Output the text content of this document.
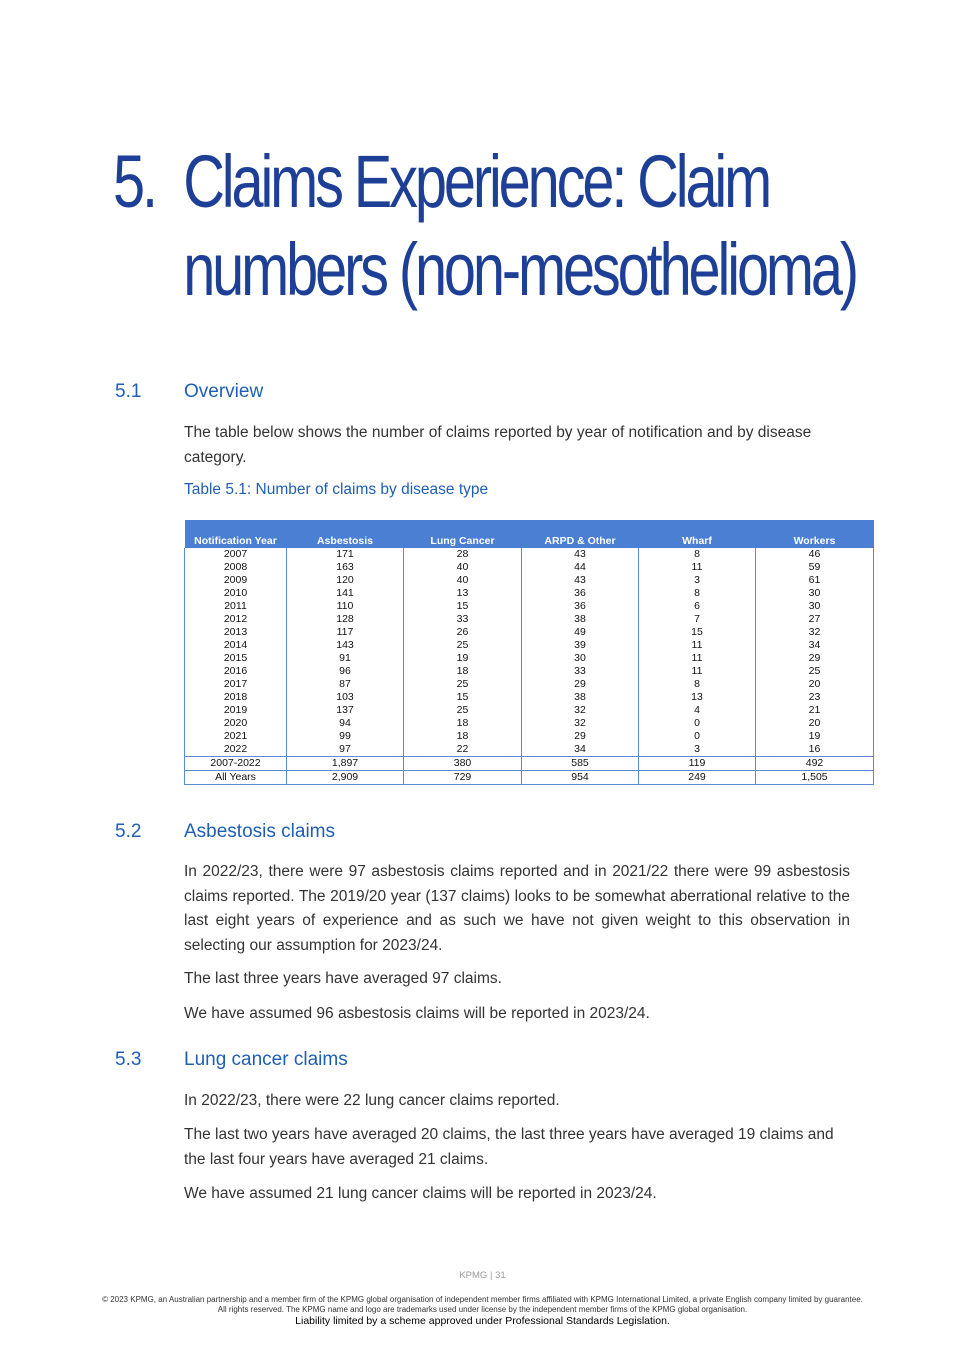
5. Claims Experience: Claim
numbers (non-mesothelioma)
5.1 Overview
The table below shows the number of claims reported by year of notification and by disease category.
Table 5.1: Number of claims by disease type
Notification Year	Asbestosis	Lung Cancer	ARPD & Other	Wharf	Workers
2007	171	28	43	8	46
2008	163	40	44	11	59
2009	120	40	43	3	61
2010	141	13	36	8	30
2011	110	15	36	6	30
2012	128	33	38	7	27
2013	117	26	49	15	32
2014	143	25	39	11	34
2015	91	19	30	11	29
2016	96	18	33	11	25
2017	87	25	29	8	20
2018	103	15	38	13	23
2019	137	25	32	4	21
2020	94	18	32	0	20
2021	99	18	29	0	19
2022	97	22	34	3	16
2007-2022	1,897	380	585	119	492
All Years	2,909	729	954	249	1,505
5.2 Asbestosis claims
In 2022/23, there were 97 asbestosis claims reported and in 2021/22 there were 99 asbestosis claims reported. The 2019/20 year (137 claims) looks to be somewhat aberrational relative to the last eight years of experience and as such we have not given weight to this observation in selecting our assumption for 2023/24.
The last three years have averaged 97 claims.
We have assumed 96 asbestosis claims will be reported in 2023/24.
5.3 Lung cancer claims
In 2022/23, there were 22 lung cancer claims reported.
The last two years have averaged 20 claims, the last three years have averaged 19 claims and the last four years have averaged 21 claims.
We have assumed 21 lung cancer claims will be reported in 2023/24.
KPMG | 31
© 2023 KPMG, an Australian partnership and a member firm of the KPMG global organisation of independent member firms affiliated with KPMG International Limited, a private English company limited by guarantee. All rights reserved. The KPMG name and logo are trademarks used under license by the independent member firms of the KPMG global organisation.
Liability limited by a scheme approved under Professional Standards Legislation.
